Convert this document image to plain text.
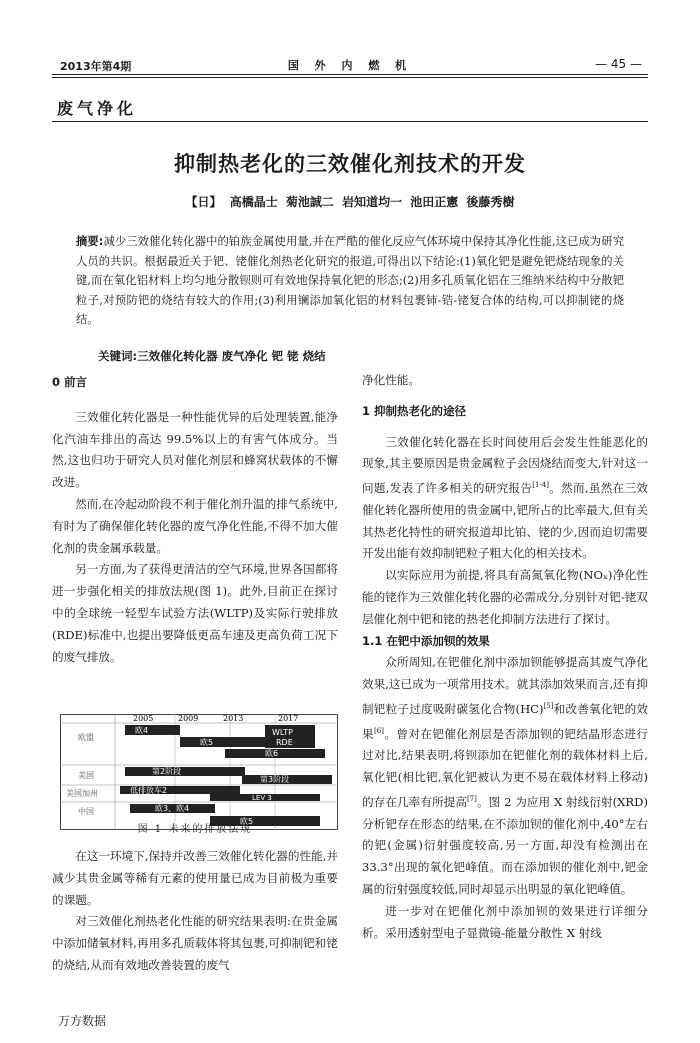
2013年第4期	国 外 内 燃 机	— 45 —
废气净化
抑制热老化的三效催化剂技术的开发
【日】 高橋晶士 菊池誠二 岩知道均一 池田正憲 後藤秀樹
摘要:减少三效催化转化器中的铂族金属使用量,并在严酷的催化反应气体环境中保持其净化性能,这已成为研究人员的共识。根据最近关于钯、铑催化剂热老化研究的报道,可得出以下结论:(1)氧化钯是避免钯烧结现象的关键,而在氧化铝材料上均匀地分散钡则可有效地保持氧化钯的形态;(2)用多孔质氧化铝在三维纳米结构中分散钯粒子,对预防钯的烧结有较大的作用;(3)利用镧添加氧化铝的材料包裹铈-锆-铑复合体的结构,可以抑制铑的烧结。
关键词:三效催化转化器 废气净化 钯 铑 烧结
0 前言

三效催化转化器是一种性能优异的后处理装置,能净化汽油车排出的高达 99.5%以上的有害气体成分。当然,这也归功于研究人员对催化剂层和蜂窝状载体的不懈改进。

然而,在冷起动阶段不利于催化剂升温的排气系统中,有时为了确保催化转化器的废气净化性能,不得不加大催化剂的贵金属承载量。

另一方面,为了获得更清洁的空气环境,世界各国都将进一步强化相关的排放法规(图 1)。此外,目前正在探讨中的全球统一轻型车试验方法(WLTP)及实际行驶排放(RDE)标准中,也提出要降低更高车速及更高负荷工况下的废气排放。

2005	2009	2013	2017
欧盟
美国
美国加州
中国
欧4
欧5
WLTP
RDE
欧6
第2阶段
第3阶段
低排放车2
LEV 3
欧3、欧4
欧5
图 1 未来的排放法规

在这一环境下,保持并改善三效催化转化器的性能,并减少其贵金属等稀有元素的使用量已成为目前极为重要的课题。

对三效催化剂热老化性能的研究结果表明:在贵金属中添加储氧材料,再用多孔质载体将其包裹,可抑制钯和铑的烧结,从而有效地改善装置的废气

净化性能。
1 抑制热老化的途径

三效催化转化器在长时间使用后会发生性能恶化的现象,其主要原因是贵金属粒子会因烧结而变大,针对这一问题,发表了许多相关的研究报告[1-4]。然而,虽然在三效催化转化器所使用的贵金属中,钯所占的比率最大,但有关其热老化特性的研究报道却比铂、铑的少,因而迫切需要开发出能有效抑制钯粒子粗大化的相关技术。

以实际应用为前提,将具有高氮氧化物(NOₓ)净化性能的铑作为三效催化转化器的必需成分,分别针对钯-铑双层催化剂中钯和铑的热老化抑制方法进行了探讨。

1.1 在钯中添加钡的效果

众所周知,在钯催化剂中添加钡能够提高其废气净化效果,这已成为一项常用技术。就其添加效果而言,还有抑制钯粒子过度吸附碳氢化合物(HC)[5]和改善氧化钯的效果[6]。曾对在钯催化剂层是否添加钡的钯结晶形态进行过对比,结果表明,将钡添加在钯催化剂的载体材料上后,氧化钯(相比钯,氧化钯被认为更不易在载体材料上移动)的存在几率有所提高[7]。图 2 为应用 X 射线衍射(XRD)分析钯存在形态的结果,在不添加钡的催化剂中,40°左右的钯(金属)衍射强度较高,另一方面,却没有检测出在 33.3°出现的氧化钯峰值。而在添加钡的催化剂中,钯金属的衍射强度较低,同时却显示出明显的氧化钯峰值。

进一步对在钯催化剂中添加钡的效果进行详细分析。采用透射型电子显微镜-能量分散性 X 射线

万方数据
